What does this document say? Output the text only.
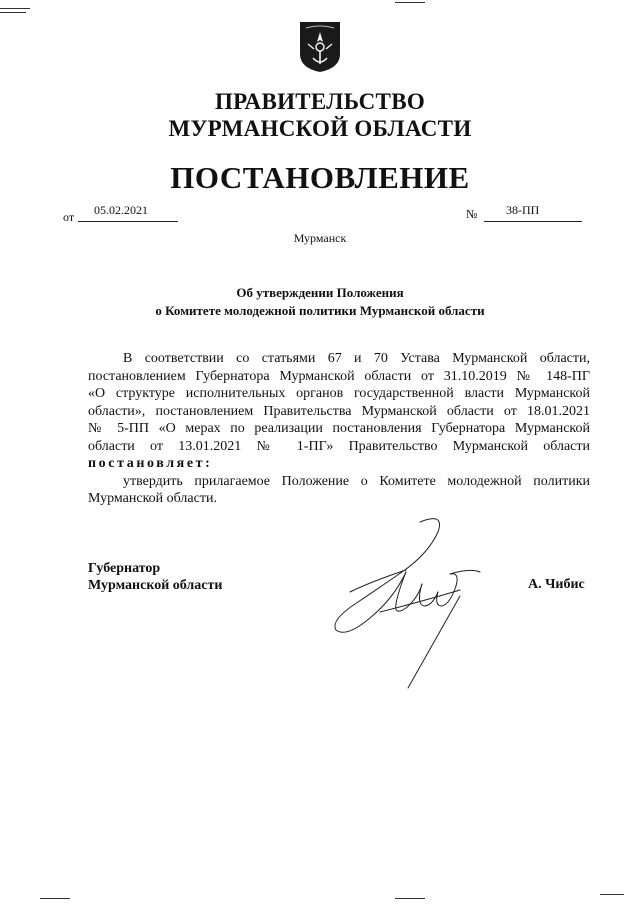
ПРАВИТЕЛЬСТВО
МУРМАНСКОЙ ОБЛАСТИ
ПОСТАНОВЛЕНИЕ
от 05.02.2021	№ 38-ПП
Мурманск
Об утверждении Положения
о Комитете молодежной политики Мурманской области
В соответствии со статьями 67 и 70 Устава Мурманской области,
постановлением Губернатора Мурманской области от 31.10.2019 № 148-ПГ
«О структуре исполнительных органов государственной власти Мурманской
области», постановлением Правительства Мурманской области от 18.01.2021
№ 5-ПП «О мерах по реализации постановления Губернатора Мурманской
области от 13.01.2021 № 1-ПГ» Правительство Мурманской области
постановляет:
утвердить прилагаемое Положение о Комитете молодежной политики
Мурманской области.
Губернатор
Мурманской области	А. Чибис
